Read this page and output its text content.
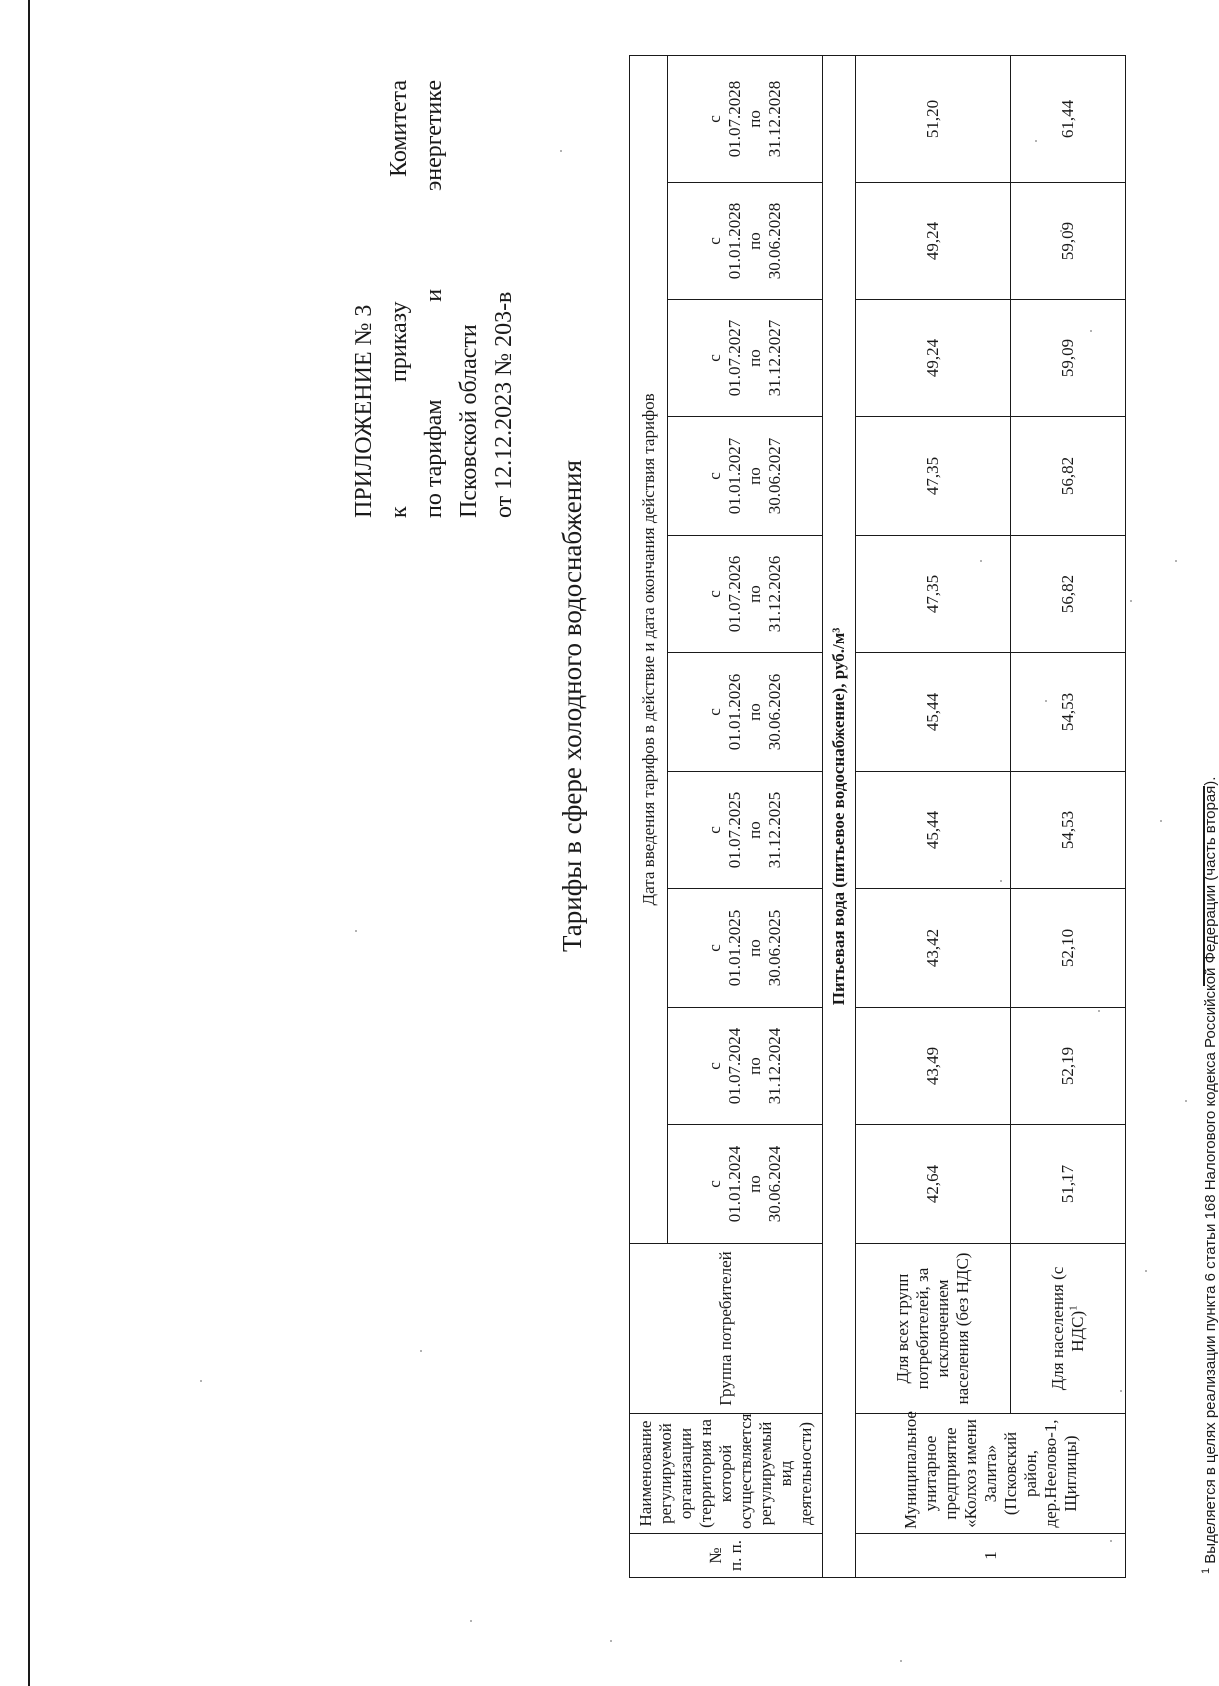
ПРИЛОЖЕНИЕ № 3 к
приказу
Комитета
по тарифам
и
энергетике
Псковской области от 12.12.2023 № 203-в
Тарифы в сфере холодного водоснабжения
№
п. п.	Наименование регулируемой организации (территория на которой осуществляется регулируемый вид деятельности)	Группа потребителей	Дата введения тарифов в действие и дата окончания действия тарифов									
			с
01.01.2024
по
30.06.2024	с
01.07.2024
по
31.12.2024	с
01.01.2025
по
30.06.2025	с
01.07.2025
по
31.12.2025	с
01.01.2026
по
30.06.2026	с
01.07.2026
по
31.12.2026	с
01.01.2027
по
30.06.2027	с
01.07.2027
по
31.12.2027	с
01.01.2028
по
30.06.2028	с
01.07.2028
по
31.12.2028
Питьевая вода (питьевое водоснабжение), руб./м³												
1	Муниципальное унитарное предприятие «Колхоз имени Залита» (Псковский район, дер.Неелово-1, Щиглицы)	Для всех групп потребителей, за исключением населения (без НДС)	42,64	43,49	43,42	45,44	45,44	47,35	47,35	49,24	49,24	51,20
		Для населения (с НДС)$^1$	51,17	52,19	52,10	54,53	54,53	56,82	56,82	59,09	59,09	61,44
$^1$ Выделяется в целях реализации пункта 6 статьи 168 Налогового кодекса Российской Федерации (часть вторая).
